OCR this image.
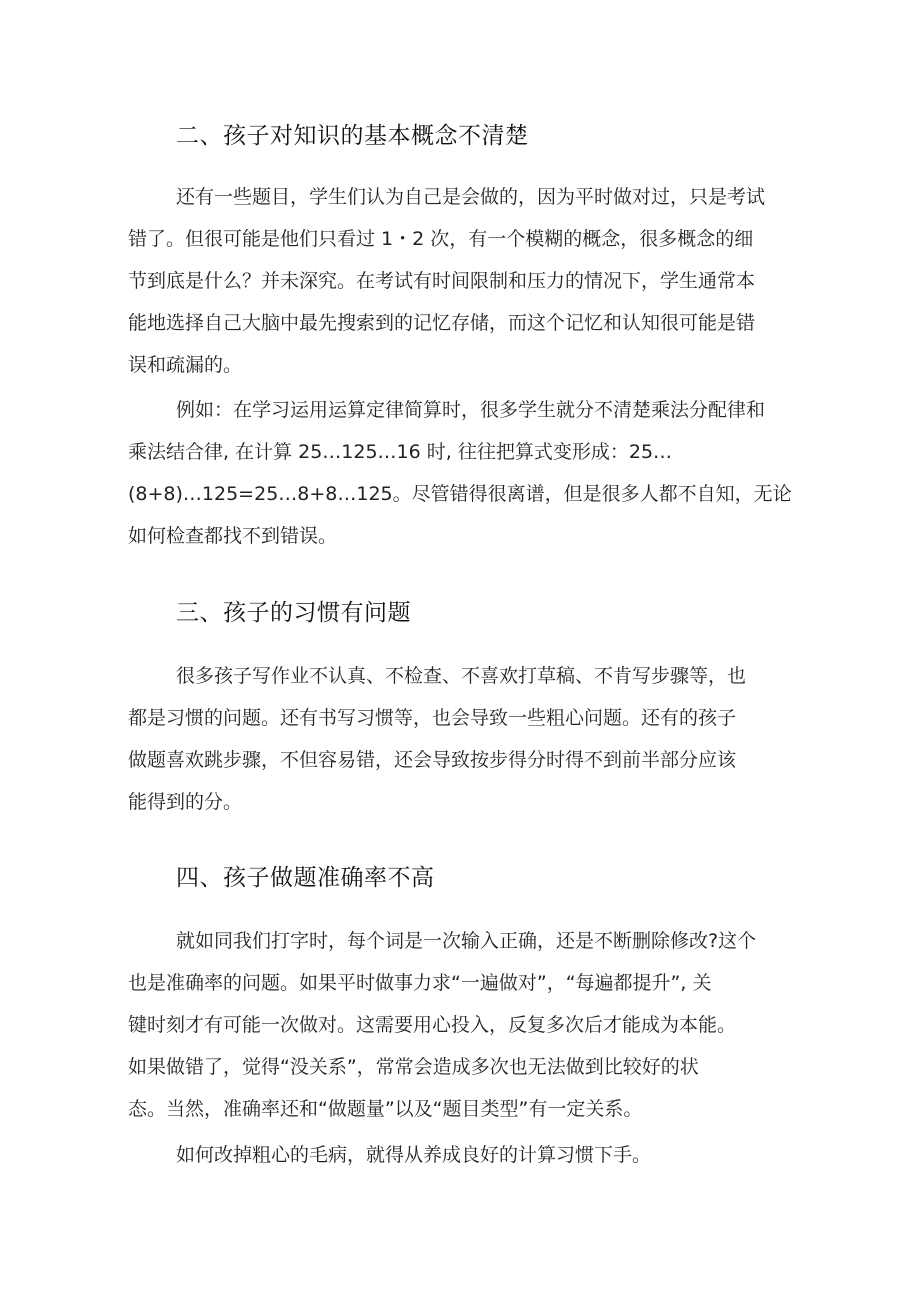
二、孩子对知识的基本概念不清楚
还有一些题目，学生们认为自己是会做的，因为平时做对过，只是考试
错了。但很可能是他们只看过 1・2 次，有一个模糊的概念，很多概念的细
节到底是什么？并未深究。在考试有时间限制和压力的情况下，学生通常本
能地选择自己大脑中最先搜索到的记忆存储，而这个记忆和认知很可能是错
误和疏漏的。
例如：在学习运用运算定律简算时，很多学生就分不清楚乘法分配律和
乘法结合律, 在计算 25…125…16 时, 往往把算式变形成：25…
(8+8)…125=25…8+8…125。尽管错得很离谱，但是很多人都不自知，无论
如何检查都找不到错误。
三、孩子的习惯有问题
很多孩子写作业不认真、不检查、不喜欢打草稿、不肯写步骤等，也
都是习惯的问题。还有书写习惯等，也会导致一些粗心问题。还有的孩子
做题喜欢跳步骤，不但容易错，还会导致按步得分时得不到前半部分应该
能得到的分。
四、孩子做题准确率不高
就如同我们打字时，每个词是一次输入正确，还是不断删除修改?这个
也是准确率的问题。如果平时做事力求“一遍做对”，“每遍都提升”, 关
键时刻才有可能一次做对。这需要用心投入，反复多次后才能成为本能。
如果做错了，觉得“没关系”，常常会造成多次也无法做到比较好的状
态。当然，准确率还和“做题量”以及“题目类型”有一定关系。
如何改掉粗心的毛病，就得从养成良好的计算习惯下手。
